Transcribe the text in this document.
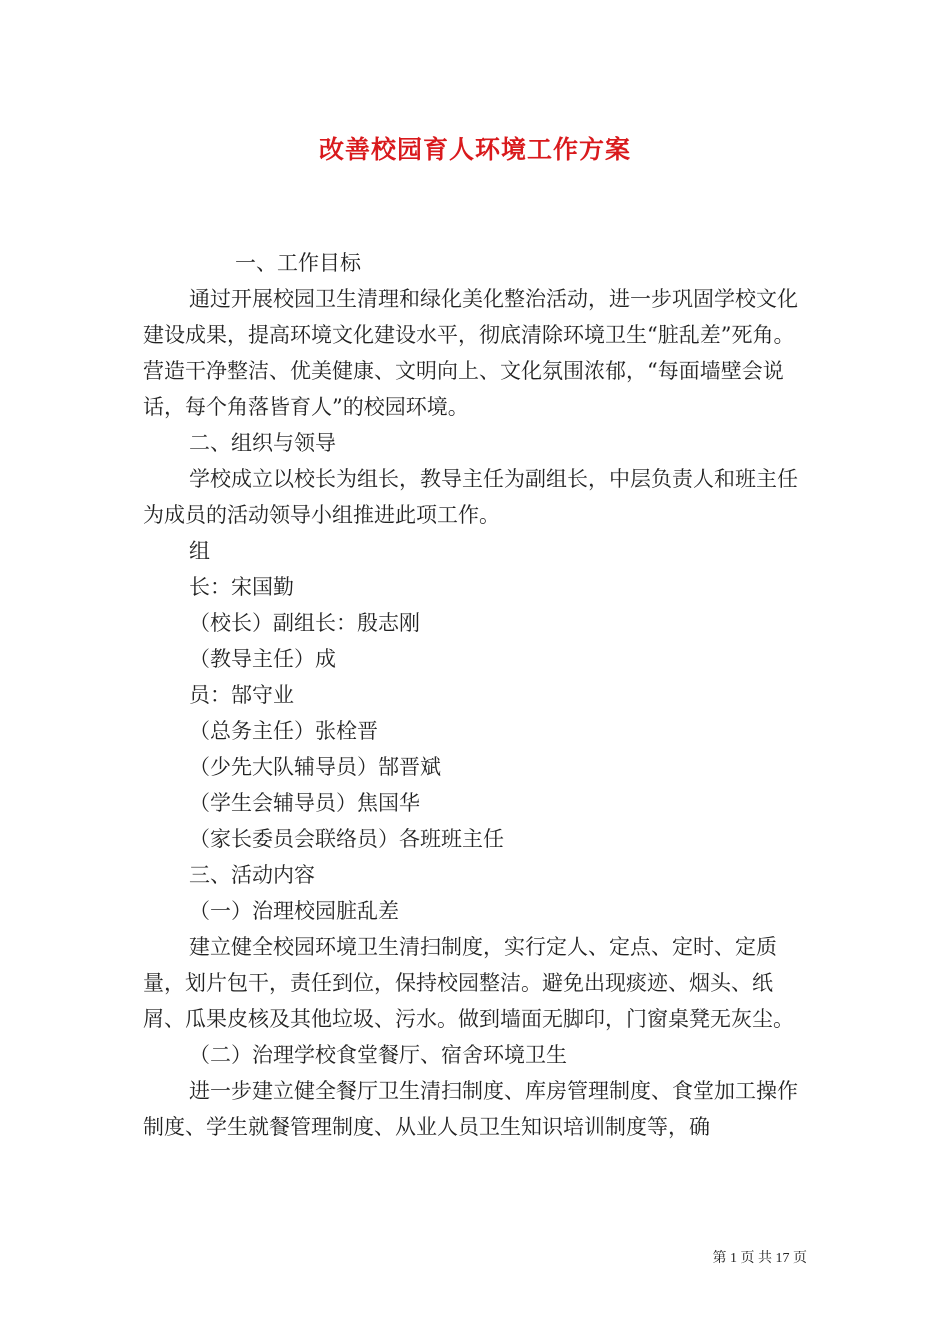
改善校园育人环境工作方案

一、工作目标

通过开展校园卫生清理和绿化美化整治活动，进一步巩固学校文化建设成果，提高环境文化建设水平，彻底清除环境卫生“脏乱差”死角。营造干净整洁、优美健康、文明向上、文化氛围浓郁，“每面墙壁会说话，每个角落皆育人”的校园环境。

二、组织与领导

学校成立以校长为组长，教导主任为副组长，中层负责人和班主任为成员的活动领导小组推进此项工作。

组

长：宋国勤

（校长）副组长：殷志刚

（教导主任）成

员：郜守业

（总务主任）张栓晋

（少先大队辅导员）郜晋斌

（学生会辅导员）焦国华

（家长委员会联络员）各班班主任

三、活动内容

（一）治理校园脏乱差

建立健全校园环境卫生清扫制度，实行定人、定点、定时、定质量，划片包干，责任到位，保持校园整洁。避免出现痰迹、烟头、纸屑、瓜果皮核及其他垃圾、污水。做到墙面无脚印，门窗桌凳无灰尘。

（二）治理学校食堂餐厅、宿舍环境卫生

进一步建立健全餐厅卫生清扫制度、库房管理制度、食堂加工操作制度、学生就餐管理制度、从业人员卫生知识培训制度等，确

第 1 页 共 17 页
